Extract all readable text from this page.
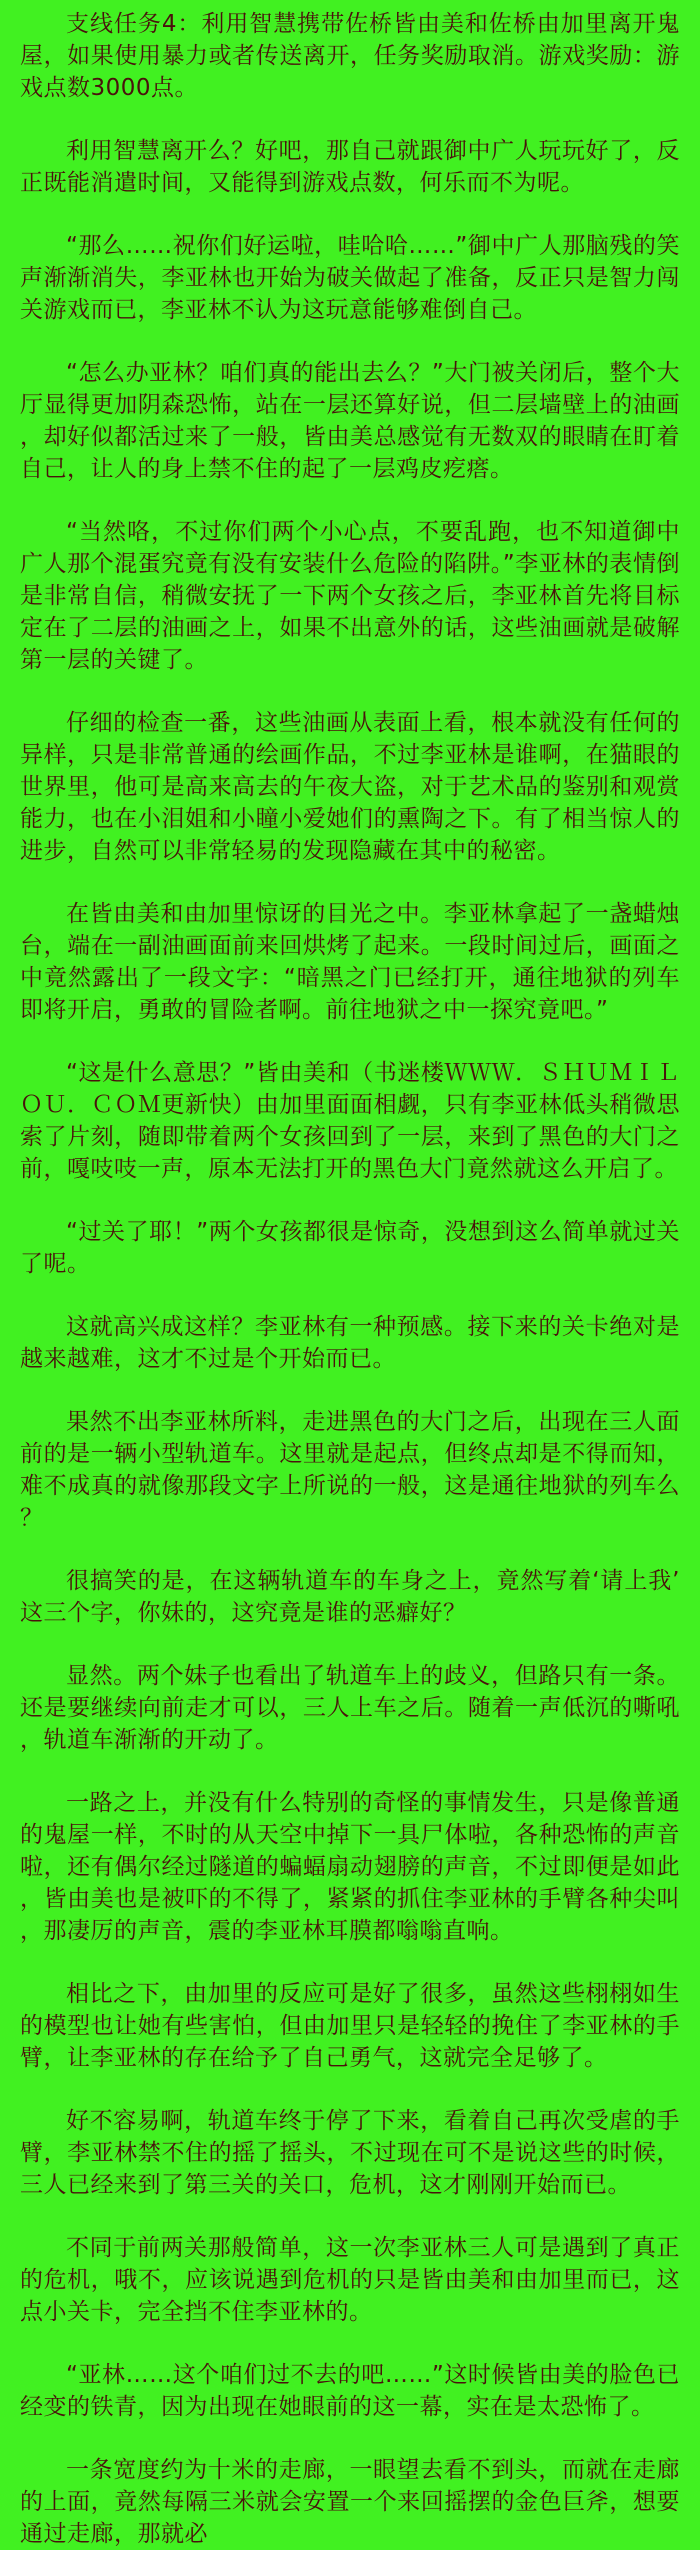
支线任务4：利用智慧携带佐桥皆由美和佐桥由加里离开鬼屋，如果使用暴力或者传送离开，任务奖励取消。游戏奖励：游戏点数3000点。

利用智慧离开么？好吧，那自己就跟御中广人玩玩好了，反正既能消遣时间，又能得到游戏点数，何乐而不为呢。

“那么……祝你们好运啦，哇哈哈……”御中广人那脑残的笑声渐渐消失，李亚林也开始为破关做起了准备，反正只是智力闯关游戏而已，李亚林不认为这玩意能够难倒自己。

“怎么办亚林？咱们真的能出去么？”大门被关闭后，整个大厅显得更加阴森恐怖，站在一层还算好说，但二层墙壁上的油画，却好似都活过来了一般，皆由美总感觉有无数双的眼睛在盯着自己，让人的身上禁不住的起了一层鸡皮疙瘩。

“当然咯，不过你们两个小心点，不要乱跑，也不知道御中广人那个混蛋究竟有没有安装什么危险的陷阱。”李亚林的表情倒是非常自信，稍微安抚了一下两个女孩之后，李亚林首先将目标定在了二层的油画之上，如果不出意外的话，这些油画就是破解第一层的关键了。

仔细的检查一番，这些油画从表面上看，根本就没有任何的异样，只是非常普通的绘画作品，不过李亚林是谁啊，在猫眼的世界里，他可是高来高去的午夜大盗，对于艺术品的鉴别和观赏能力，也在小泪姐和小瞳小爱她们的熏陶之下。有了相当惊人的进步，自然可以非常轻易的发现隐藏在其中的秘密。

在皆由美和由加里惊讶的目光之中。李亚林拿起了一盏蜡烛台，端在一副油画面前来回烘烤了起来。一段时间过后，画面之中竟然露出了一段文字：“暗黑之门已经打开，通往地狱的列车即将开启，勇敢的冒险者啊。前往地狱之中一探究竟吧。”

“这是什么意思？”皆由美和（书迷楼ＷＷＷ．ＳＨＵＭＩＬＯＵ．ＣＯＭ更新快）由加里面面相觑，只有李亚林低头稍微思索了片刻，随即带着两个女孩回到了一层，来到了黑色的大门之前，嘎吱吱一声，原本无法打开的黑色大门竟然就这么开启了。

“过关了耶！”两个女孩都很是惊奇，没想到这么简单就过关了呢。

这就高兴成这样？李亚林有一种预感。接下来的关卡绝对是越来越难，这才不过是个开始而已。

果然不出李亚林所料，走进黑色的大门之后，出现在三人面前的是一辆小型轨道车。这里就是起点，但终点却是不得而知，难不成真的就像那段文字上所说的一般，这是通往地狱的列车么？

很搞笑的是，在这辆轨道车的车身之上，竟然写着‘请上我’这三个字，你妹的，这究竟是谁的恶癖好？

显然。两个妹子也看出了轨道车上的歧义，但路只有一条。还是要继续向前走才可以，三人上车之后。随着一声低沉的嘶吼，轨道车渐渐的开动了。

一路之上，并没有什么特别的奇怪的事情发生，只是像普通的鬼屋一样，不时的从天空中掉下一具尸体啦，各种恐怖的声音啦，还有偶尔经过隧道的蝙蝠扇动翅膀的声音，不过即便是如此，皆由美也是被吓的不得了，紧紧的抓住李亚林的手臂各种尖叫，那凄厉的声音，震的李亚林耳膜都嗡嗡直响。

相比之下，由加里的反应可是好了很多，虽然这些栩栩如生的模型也让她有些害怕，但由加里只是轻轻的挽住了李亚林的手臂，让李亚林的存在给予了自己勇气，这就完全足够了。

好不容易啊，轨道车终于停了下来，看着自己再次受虐的手臂，李亚林禁不住的摇了摇头，不过现在可不是说这些的时候，三人已经来到了第三关的关口，危机，这才刚刚开始而已。

不同于前两关那般简单，这一次李亚林三人可是遇到了真正的危机，哦不，应该说遇到危机的只是皆由美和由加里而已，这点小关卡，完全挡不住李亚林的。

“亚林……这个咱们过不去的吧……”这时候皆由美的脸色已经变的铁青，因为出现在她眼前的这一幕，实在是太恐怖了。

一条宽度约为十米的走廊，一眼望去看不到头，而就在走廊的上面，竟然每隔三米就会安置一个来回摇摆的金色巨斧，想要通过走廊，那就必
